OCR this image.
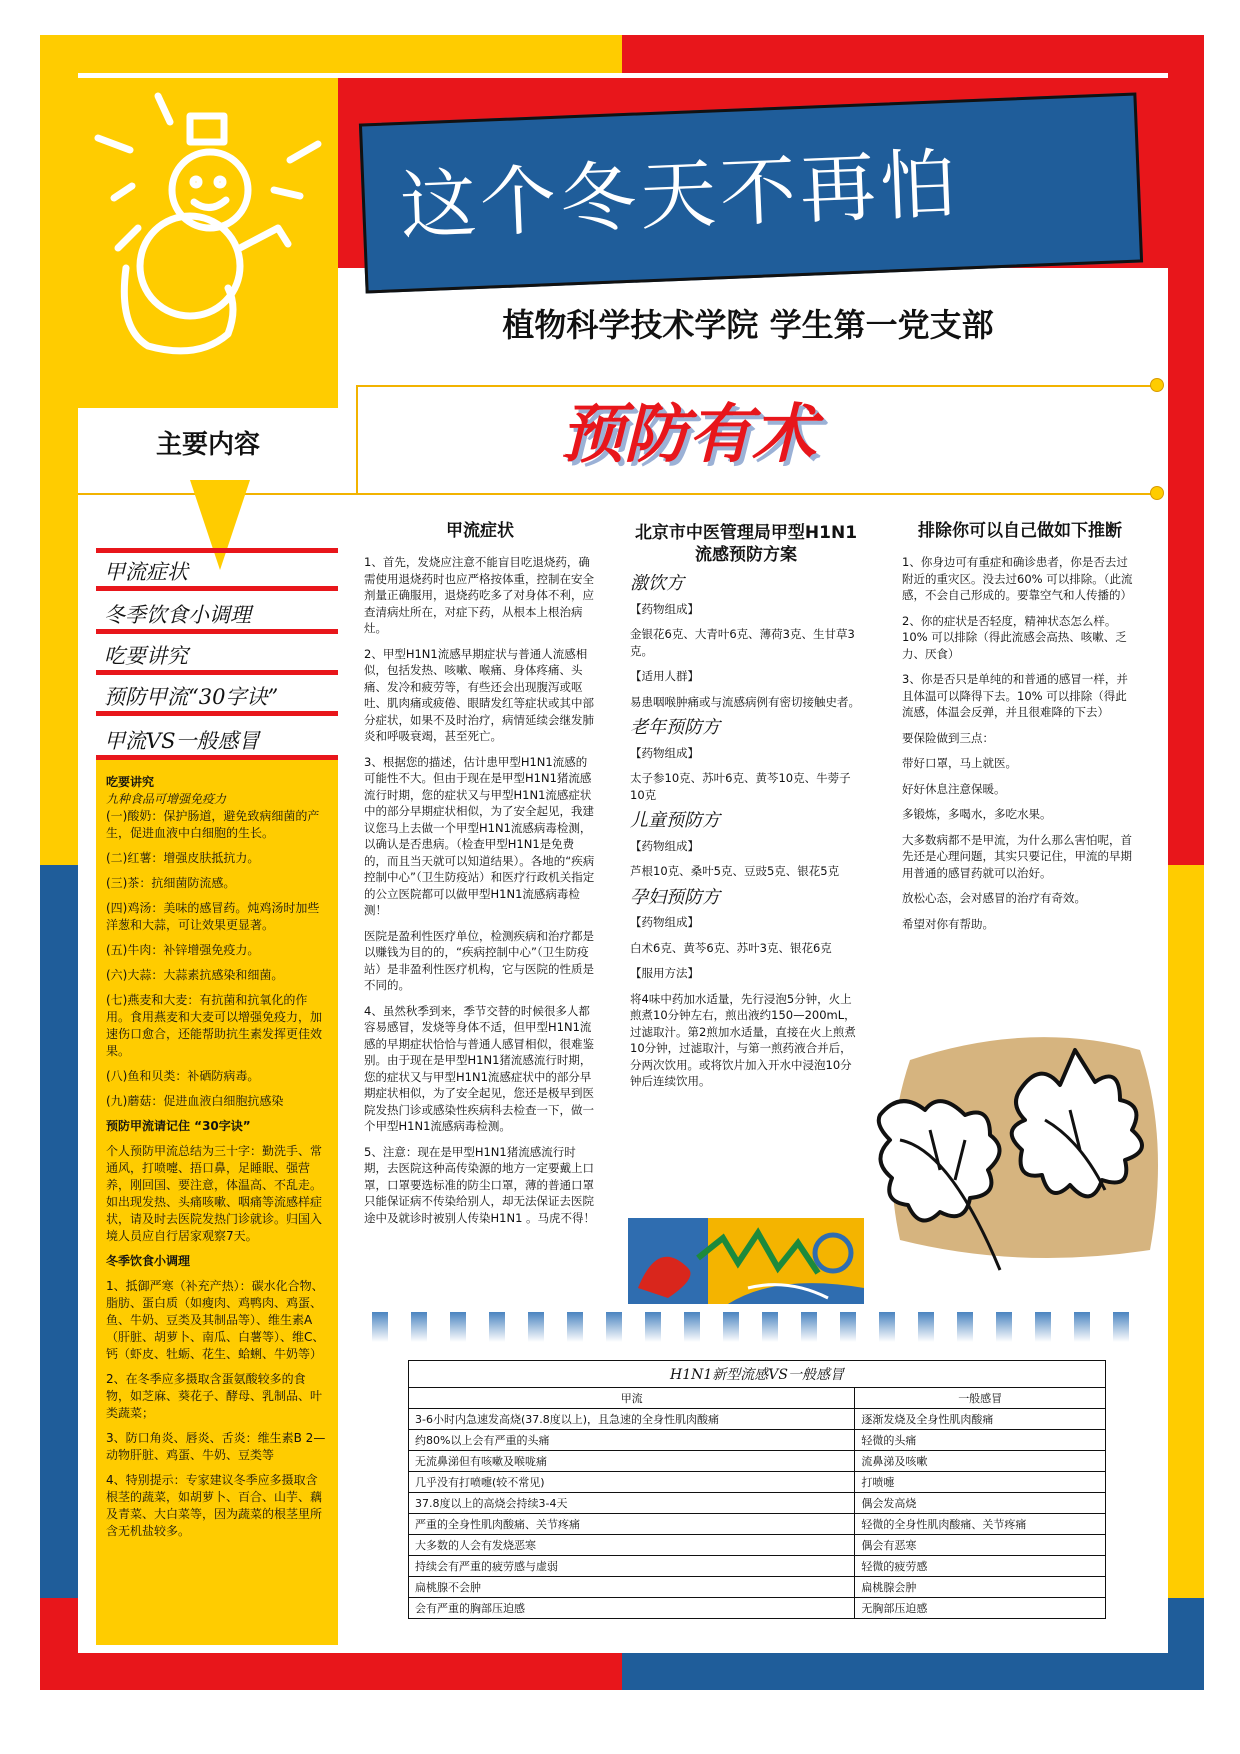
这个冬天不再怕
植物科学技术学院 学生第一党支部
预防有术
主要内容
甲流症状
冬季饮食小调理
吃要讲究
预防甲流“30字诀”
甲流VS一般感冒
吃要讲究
九种食品可增强免疫力

(一)酸奶：保护肠道，避免致病细菌的产生，促进血液中白细胞的生长。

(二)红薯：增强皮肤抵抗力。

(三)茶：抗细菌防流感。

(四)鸡汤：美味的感冒药。炖鸡汤时加些洋葱和大蒜，可让效果更显著。

(五)牛肉：补锌增强免疫力。

(六)大蒜：大蒜素抗感染和细菌。

(七)燕麦和大麦：有抗菌和抗氧化的作用。食用燕麦和大麦可以增强免疫力，加速伤口愈合，还能帮助抗生素发挥更佳效果。

(八)鱼和贝类：补硒防病毒。

(九)蘑菇：促进血液白细胞抗感染

预防甲流请记住 “30字诀”

个人预防甲流总结为三十字：勤洗手、常通风，打喷嚏、捂口鼻，足睡眠、强营养，刚回国、要注意，体温高、不乱走。如出现发热、头痛咳嗽、咽痛等流感样症状，请及时去医院发热门诊就诊。归国入境人员应自行居家观察7天。

冬季饮食小调理

1、抵御严寒（补充产热）：碳水化合物、脂肪、蛋白质（如瘦肉、鸡鸭肉、鸡蛋、鱼、牛奶、豆类及其制品等）、维生素A（肝脏、胡萝卜、南瓜、白薯等）、维C、钙（虾皮、牡蛎、花生、蛤蜊、牛奶等）

2、在冬季应多摄取含蛋氨酸较多的食物，如芝麻、葵花子、酵母、乳制品、叶类蔬菜；

3、防口角炎、唇炎、舌炎：维生素B 2—动物肝脏、鸡蛋、牛奶、豆类等

4、特别提示：专家建议冬季应多摄取含根茎的蔬菜，如胡萝卜、百合、山芋、藕及青菜、大白菜等，因为蔬菜的根茎里所含无机盐较多。

甲流症状

1、首先，发烧应注意不能盲目吃退烧药，确需使用退烧药时也应严格按体重，控制在安全剂量正确服用，退烧药吃多了对身体不利，应查清病灶所在，对症下药，从根本上根治病灶。

2、甲型H1N1流感早期症状与普通人流感相似，包括发热、咳嗽、喉痛、身体疼痛、头痛、发冷和疲劳等，有些还会出现腹泻或呕吐、肌肉痛或疲倦、眼睛发红等症状或其中部分症状，如果不及时治疗，病情延续会继发肺炎和呼吸衰竭，甚至死亡。

3、根据您的描述，估计患甲型H1N1流感的可能性不大。但由于现在是甲型H1N1猪流感流行时期，您的症状又与甲型H1N1流感症状中的部分早期症状相似，为了安全起见，我建议您马上去做一个甲型H1N1流感病毒检测，以确认是否患病。（检查甲型H1N1是免费的，而且当天就可以知道结果）。各地的“疾病控制中心”（卫生防疫站）和医疗行政机关指定的公立医院都可以做甲型H1N1流感病毒检测！

医院是盈利性医疗单位，检测疾病和治疗都是以赚钱为目的的，“疾病控制中心”（卫生防疫站）是非盈利性医疗机构，它与医院的性质是不同的。

4、虽然秋季到来，季节交替的时候很多人都容易感冒，发烧等身体不适，但甲型H1N1流感的早期症状恰恰与普通人感冒相似，很难鉴别。由于现在是甲型H1N1猪流感流行时期，您的症状又与甲型H1N1流感症状中的部分早期症状相似，为了安全起见，您还是极早到医院发热门诊或感染性疾病科去检查一下，做一个甲型H1N1流感病毒检测。

5、注意：现在是甲型H1N1猪流感流行时期，去医院这种高传染源的地方一定要戴上口罩，口罩要选标准的防尘口罩，薄的普通口罩只能保证病不传染给别人，却无法保证去医院途中及就诊时被别人传染H1N1 。马虎不得！

北京市中医管理局甲型H1N1流感预防方案
激饮方

【药物组成】

金银花6克、大青叶6克、薄荷3克、生甘草3克。

【适用人群】

易患咽喉肿痛或与流感病例有密切接触史者。

老年预防方

【药物组成】

太子参10克、苏叶6克、黄芩10克、牛蒡子10克

儿童预防方

【药物组成】

芦根10克、桑叶5克、豆豉5克、银花5克

孕妇预防方

【药物组成】

白术6克、黄芩6克、苏叶3克、银花6克

【服用方法】

将4味中药加水适量，先行浸泡5分钟，火上煎煮10分钟左右，煎出液约150—200mL，过滤取汁。第2煎加水适量，直接在火上煎煮10分钟，过滤取汁，与第一煎药液合并后，分两次饮用。或将饮片加入开水中浸泡10分钟后连续饮用。

排除你可以自己做如下推断

1、你身边可有重症和确诊患者，你是否去过附近的重灾区。没去过60% 可以排除。（此流感，不会自己形成的。要靠空气和人传播的）

2、你的症状是否轻度，精神状态怎么样。10% 可以排除（得此流感会高热、咳嗽、乏力、厌食）

3、你是否只是单纯的和普通的感冒一样，并且体温可以降得下去。10% 可以排除（得此流感，体温会反弹，并且很难降的下去）

要保险做到三点：

带好口罩，马上就医。

好好休息注意保暖。

多锻炼，多喝水，多吃水果。

大多数病都不是甲流，为什么那么害怕呢，首先还是心理问题，其实只要记住，甲流的早期用普通的感冒药就可以治好。

放松心态，会对感冒的治疗有奇效。

希望对你有帮助。

H1N1新型流感VS一般感冒	
甲流	一般感冒
3-6小时内急速发高烧(37.8度以上)，且急速的全身性肌肉酸痛	逐渐发烧及全身性肌肉酸痛
约80%以上会有严重的头痛	轻微的头痛
无流鼻涕但有咳嗽及喉咙痛	流鼻涕及咳嗽
几乎没有打喷嚏(较不常见)	打喷嚏
37.8度以上的高烧会持续3-4天	偶会发高烧
严重的全身性肌肉酸痛、关节疼痛	轻微的全身性肌肉酸痛、关节疼痛
大多数的人会有发烧恶寒	偶会有恶寒
持续会有严重的疲劳感与虚弱	轻微的疲劳感
扁桃腺不会肿	扁桃腺会肿
会有严重的胸部压迫感	无胸部压迫感
